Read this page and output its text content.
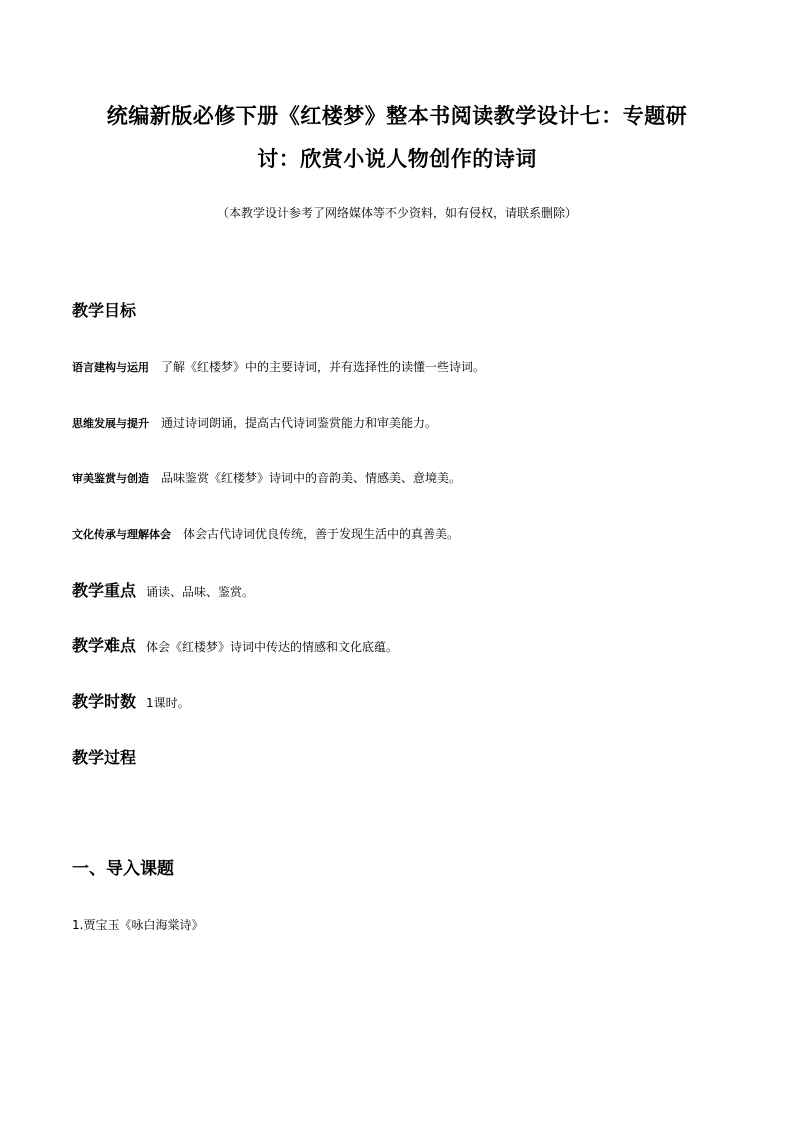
统编新版必修下册《红楼梦》整本书阅读教学设计七：专题研
讨：欣赏小说人物创作的诗词
（本教学设计参考了网络媒体等不少资料，如有侵权，请联系删除）
教学目标
语言建构与运用 了解《红楼梦》中的主要诗词，并有选择性的读懂一些诗词。
思维发展与提升 通过诗词朗诵，提高古代诗词鉴赏能力和审美能力。
审美鉴赏与创造 品味鉴赏《红楼梦》诗词中的音韵美、情感美、意境美。
文化传承与理解体会 体会古代诗词优良传统，善于发现生活中的真善美。
教学重点 诵读、品味、鉴赏。
教学难点 体会《红楼梦》诗词中传达的情感和文化底蕴。
教学时数 1课时。
教学过程
一、导入课题
1.贾宝玉《咏白海棠诗》
